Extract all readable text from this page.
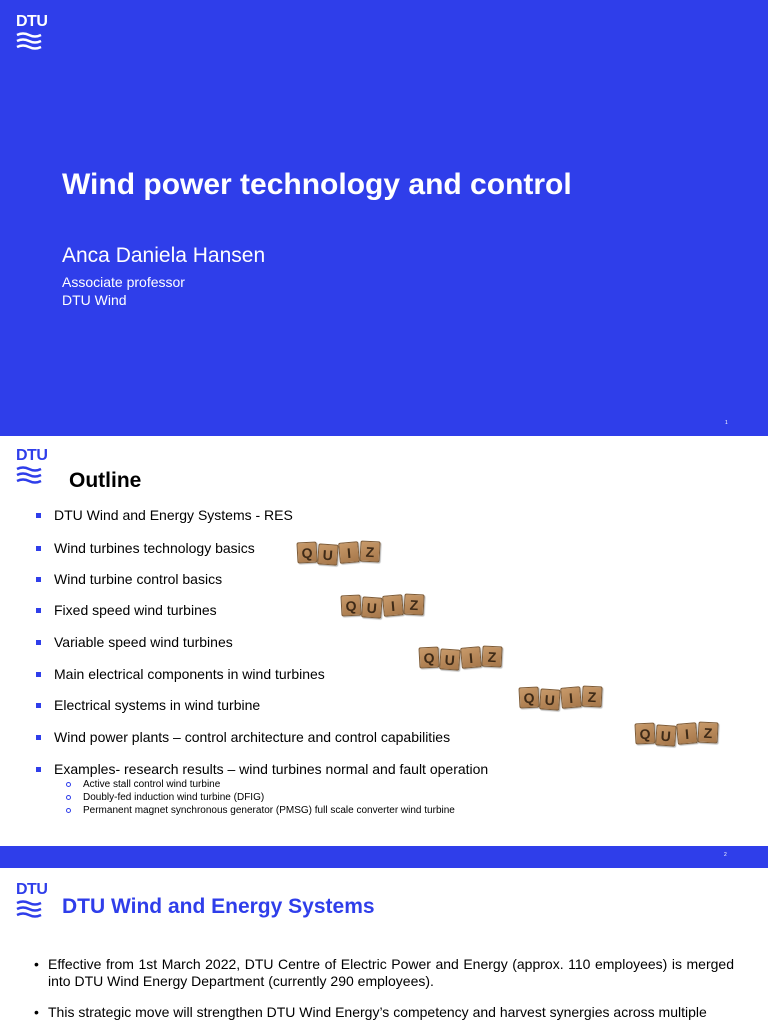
DTU
Wind power technology and control
Anca Daniela Hansen
Associate professor
DTU Wind
1
DTU
Outline
DTU Wind and Energy Systems - RES
Wind turbines technology basics
Wind turbine control basics
Fixed speed wind turbines
Variable speed wind turbines
Main electrical components in wind turbines
Electrical systems in wind turbine
Wind power plants – control architecture and control capabilities
Examples- research results – wind turbines normal and fault operation
Active stall control wind turbine
Doubly-fed induction wind turbine (DFIG)
Permanent magnet synchronous generator (PMSG) full scale converter wind turbine
Q U I Z
Q U I Z
Q U I Z
Q U I Z
Q U I Z
2
DTU
DTU Wind and Energy Systems
• Effective from 1st March 2022, DTU Centre of Electric Power and Energy (approx. 110 employees) is merged into DTU Wind Energy Department (currently 290 employees).
• This strategic move will strengthen DTU Wind Energy’s competency and harvest synergies across multiple
